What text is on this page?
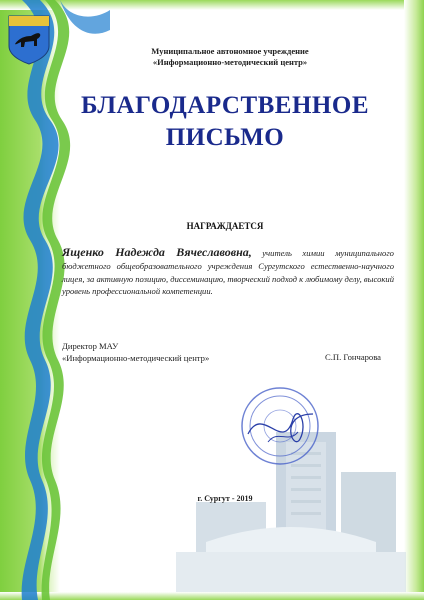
Муниципальное автономное учреждение
«Информационно-методический центр»
БЛАГОДАРСТВЕННОЕ
ПИСЬМО
НАГРАЖДАЕТСЯ
Ященко Надежда Вячеславовна, учитель химии муниципального бюджетного общеобразовательного учреждения Сургутского естественно-научного лицея, за активную позицию, диссеминацию, творческий подход к любимому делу, высокий уровень профессиональной компетенции.
Директор МАУ
«Информационно-методический центр»	С.П. Гончарова
г. Сургут - 2019
